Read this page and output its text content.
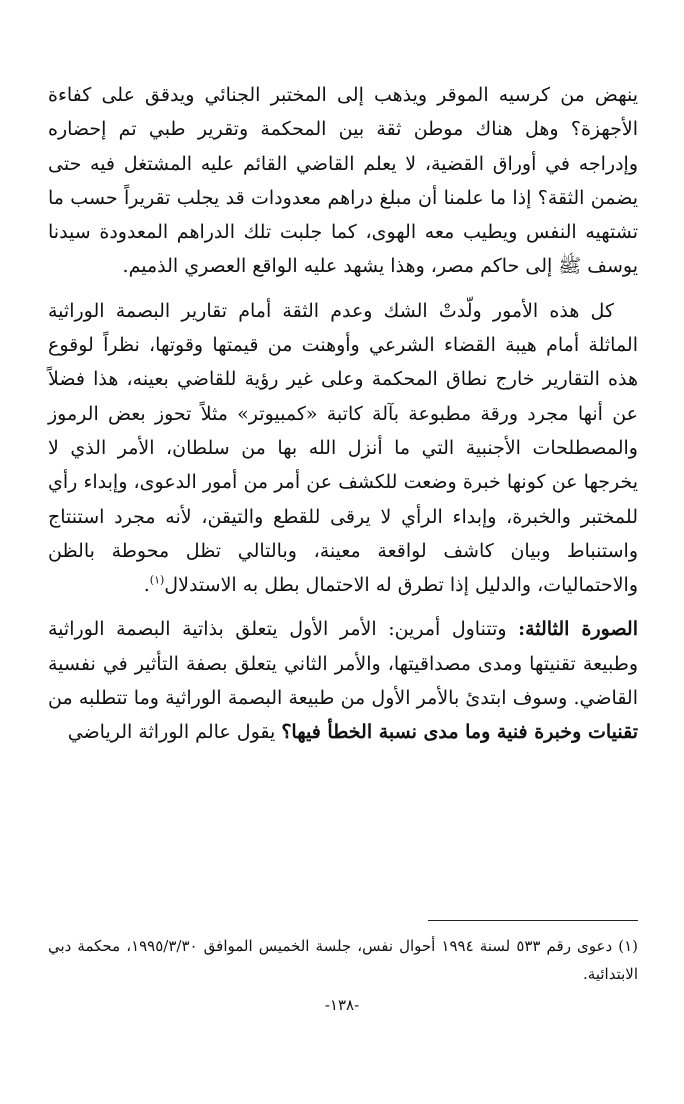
ينهض من كرسيه الموقر ويذهب إلى المختبر الجنائي ويدقق على كفاءة الأجهزة؟ وهل هناك موطن ثقة بين المحكمة وتقرير طبي تم إحضاره وإدراجه في أوراق القضية، لا يعلم القاضي القائم عليه المشتغل فيه حتى يضمن الثقة؟ إذا ما علمنا أن مبلغ دراهم معدودات قد يجلب تقريراً حسب ما تشتهيه النفس ويطيب معه الهوى، كما جلبت تلك الدراهم المعدودة سيدنا يوسف ﷺ إلى حاكم مصر، وهذا يشهد عليه الواقع العصري الذميم.

كل هذه الأمور ولّدتْ الشك وعدم الثقة أمام تقارير البصمة الوراثية الماثلة أمام هيبة القضاء الشرعي وأوهنت من قيمتها وقوتها، نظراً لوقوع هذه التقارير خارج نطاق المحكمة وعلى غير رؤية للقاضي بعينه، هذا فضلاً عن أنها مجرد ورقة مطبوعة بآلة كاتبة «كمبيوتر» مثلاً تحوز بعض الرموز والمصطلحات الأجنبية التي ما أنزل الله بها من سلطان، الأمر الذي لا يخرجها عن كونها خبرة وضعت للكشف عن أمر من أمور الدعوى، وإبداء رأي للمختبر والخبرة، وإبداء الرأي لا يرقى للقطع والتيقن، لأنه مجرد استنتاج واستنباط وبيان كاشف لواقعة معينة، وبالتالي تظل محوطة بالظن والاحتماليات، والدليل إذا تطرق له الاحتمال بطل به الاستدلال$^{(١)}$.

الصورة الثالثة: وتتناول أمرين: الأمر الأول يتعلق بذاتية البصمة الوراثية وطبيعة تقنيتها ومدى مصداقيتها، والأمر الثاني يتعلق بصفة التأثير في نفسية القاضي. وسوف ابتدئ بالأمر الأول من طبيعة البصمة الوراثية وما تتطلبه من تقنيات وخبرة فنية وما مدى نسبة الخطأ فيها؟ يقول عالم الوراثة الرياضي

(١) دعوى رقم ٥٣٣ لسنة ١٩٩٤ أحوال نفس، جلسة الخميس الموافق ١٩٩٥/٣/٣٠، محكمة دبي الابتدائية.

-١٣٨-
